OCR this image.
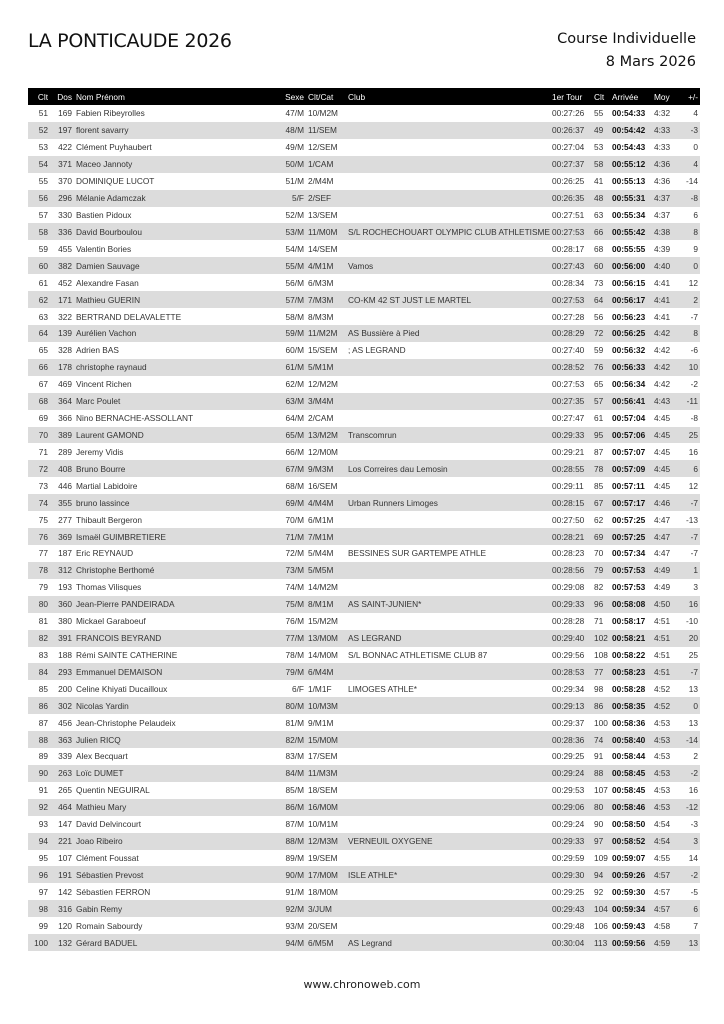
LA PONTICAUDE 2026	Course Individuelle
8 Mars 2026
Clt	Dos	Nom Prénom	Sexe	Clt/Cat	Club	1er Tour	Clt	Arrivée	Moy	+/-
51	169	Fabien Ribeyrolles	47/M	10/M2M		00:27:26	55	00:54:33	4:32	4
52	197	florent savarry	48/M	11/SEM		00:26:37	49	00:54:42	4:33	-3
53	422	Clément Puyhaubert	49/M	12/SEM		00:27:04	53	00:54:43	4:33	0
54	371	Maceo Jannoty	50/M	1/CAM		00:27:37	58	00:55:12	4:36	4
55	370	DOMINIQUE LUCOT	51/M	2/M4M		00:26:25	41	00:55:13	4:36	-14
56	296	Mélanie Adamczak	5/F	2/SEF		00:26:35	48	00:55:31	4:37	-8
57	330	Bastien Pidoux	52/M	13/SEM		00:27:51	63	00:55:34	4:37	6
58	336	David Bourboulou	53/M	11/M0M	S/L ROCHECHOUART OLYMPIC CLUB ATHLETISME	00:27:53	66	00:55:42	4:38	8
59	455	Valentin Bories	54/M	14/SEM		00:28:17	68	00:55:55	4:39	9
60	382	Damien Sauvage	55/M	4/M1M	Vamos	00:27:43	60	00:56:00	4:40	0
61	452	Alexandre Fasan	56/M	6/M3M		00:28:34	73	00:56:15	4:41	12
62	171	Mathieu GUERIN	57/M	7/M3M	CO-KM 42 ST JUST LE MARTEL	00:27:53	64	00:56:17	4:41	2
63	322	BERTRAND DELAVALETTE	58/M	8/M3M		00:27:28	56	00:56:23	4:41	-7
64	139	Aurélien Vachon	59/M	11/M2M	AS Bussière à Pied	00:28:29	72	00:56:25	4:42	8
65	328	Adrien BAS	60/M	15/SEM	; AS LEGRAND	00:27:40	59	00:56:32	4:42	-6
66	178	christophe raynaud	61/M	5/M1M		00:28:52	76	00:56:33	4:42	10
67	469	Vincent Richen	62/M	12/M2M		00:27:53	65	00:56:34	4:42	-2
68	364	Marc Poulet	63/M	3/M4M		00:27:35	57	00:56:41	4:43	-11
69	366	Nino BERNACHE-ASSOLLANT	64/M	2/CAM		00:27:47	61	00:57:04	4:45	-8
70	389	Laurent GAMOND	65/M	13/M2M	Transcomrun	00:29:33	95	00:57:06	4:45	25
71	289	Jeremy Vidis	66/M	12/M0M		00:29:21	87	00:57:07	4:45	16
72	408	Bruno Bourre	67/M	9/M3M	Los Correires dau Lemosin	00:28:55	78	00:57:09	4:45	6
73	446	Martial Labidoire	68/M	16/SEM		00:29:11	85	00:57:11	4:45	12
74	355	bruno lassince	69/M	4/M4M	Urban Runners Limoges	00:28:15	67	00:57:17	4:46	-7
75	277	Thibault Bergeron	70/M	6/M1M		00:27:50	62	00:57:25	4:47	-13
76	369	Ismaël GUIMBRETIERE	71/M	7/M1M		00:28:21	69	00:57:25	4:47	-7
77	187	Eric REYNAUD	72/M	5/M4M	BESSINES SUR GARTEMPE ATHLE	00:28:23	70	00:57:34	4:47	-7
78	312	Christophe Berthomé	73/M	5/M5M		00:28:56	79	00:57:53	4:49	1
79	193	Thomas Vilisques	74/M	14/M2M		00:29:08	82	00:57:53	4:49	3
80	360	Jean-Pierre PANDEIRADA	75/M	8/M1M	AS SAINT-JUNIEN*	00:29:33	96	00:58:08	4:50	16
81	380	Mickael Garaboeuf	76/M	15/M2M		00:28:28	71	00:58:17	4:51	-10
82	391	FRANCOIS BEYRAND	77/M	13/M0M	AS LEGRAND	00:29:40	102	00:58:21	4:51	20
83	188	Rémi SAINTE CATHERINE	78/M	14/M0M	S/L BONNAC ATHLETISME CLUB 87	00:29:56	108	00:58:22	4:51	25
84	293	Emmanuel DEMAISON	79/M	6/M4M		00:28:53	77	00:58:23	4:51	-7
85	200	Celine Khiyati Ducailloux	6/F	1/M1F	LIMOGES ATHLE*	00:29:34	98	00:58:28	4:52	13
86	302	Nicolas Yardin	80/M	10/M3M		00:29:13	86	00:58:35	4:52	0
87	456	Jean-Christophe Pelaudeix	81/M	9/M1M		00:29:37	100	00:58:36	4:53	13
88	363	Julien RICQ	82/M	15/M0M		00:28:36	74	00:58:40	4:53	-14
89	339	Alex Becquart	83/M	17/SEM		00:29:25	91	00:58:44	4:53	2
90	263	Loïc DUMET	84/M	11/M3M		00:29:24	88	00:58:45	4:53	-2
91	265	Quentin NEGUIRAL	85/M	18/SEM		00:29:53	107	00:58:45	4:53	16
92	464	Mathieu Mary	86/M	16/M0M		00:29:06	80	00:58:46	4:53	-12
93	147	David Delvincourt	87/M	10/M1M		00:29:24	90	00:58:50	4:54	-3
94	221	Joao Ribeiro	88/M	12/M3M	VERNEUIL OXYGENE	00:29:33	97	00:58:52	4:54	3
95	107	Clément Foussat	89/M	19/SEM		00:29:59	109	00:59:07	4:55	14
96	191	Sébastien Prevost	90/M	17/M0M	ISLE ATHLE*	00:29:30	94	00:59:26	4:57	-2
97	142	Sébastien FERRON	91/M	18/M0M		00:29:25	92	00:59:30	4:57	-5
98	316	Gabin Remy	92/M	3/JUM		00:29:43	104	00:59:34	4:57	6
99	120	Romain Sabourdy	93/M	20/SEM		00:29:48	106	00:59:43	4:58	7
100	132	Gérard BADUEL	94/M	6/M5M	AS Legrand	00:30:04	113	00:59:56	4:59	13
www.chronoweb.com
